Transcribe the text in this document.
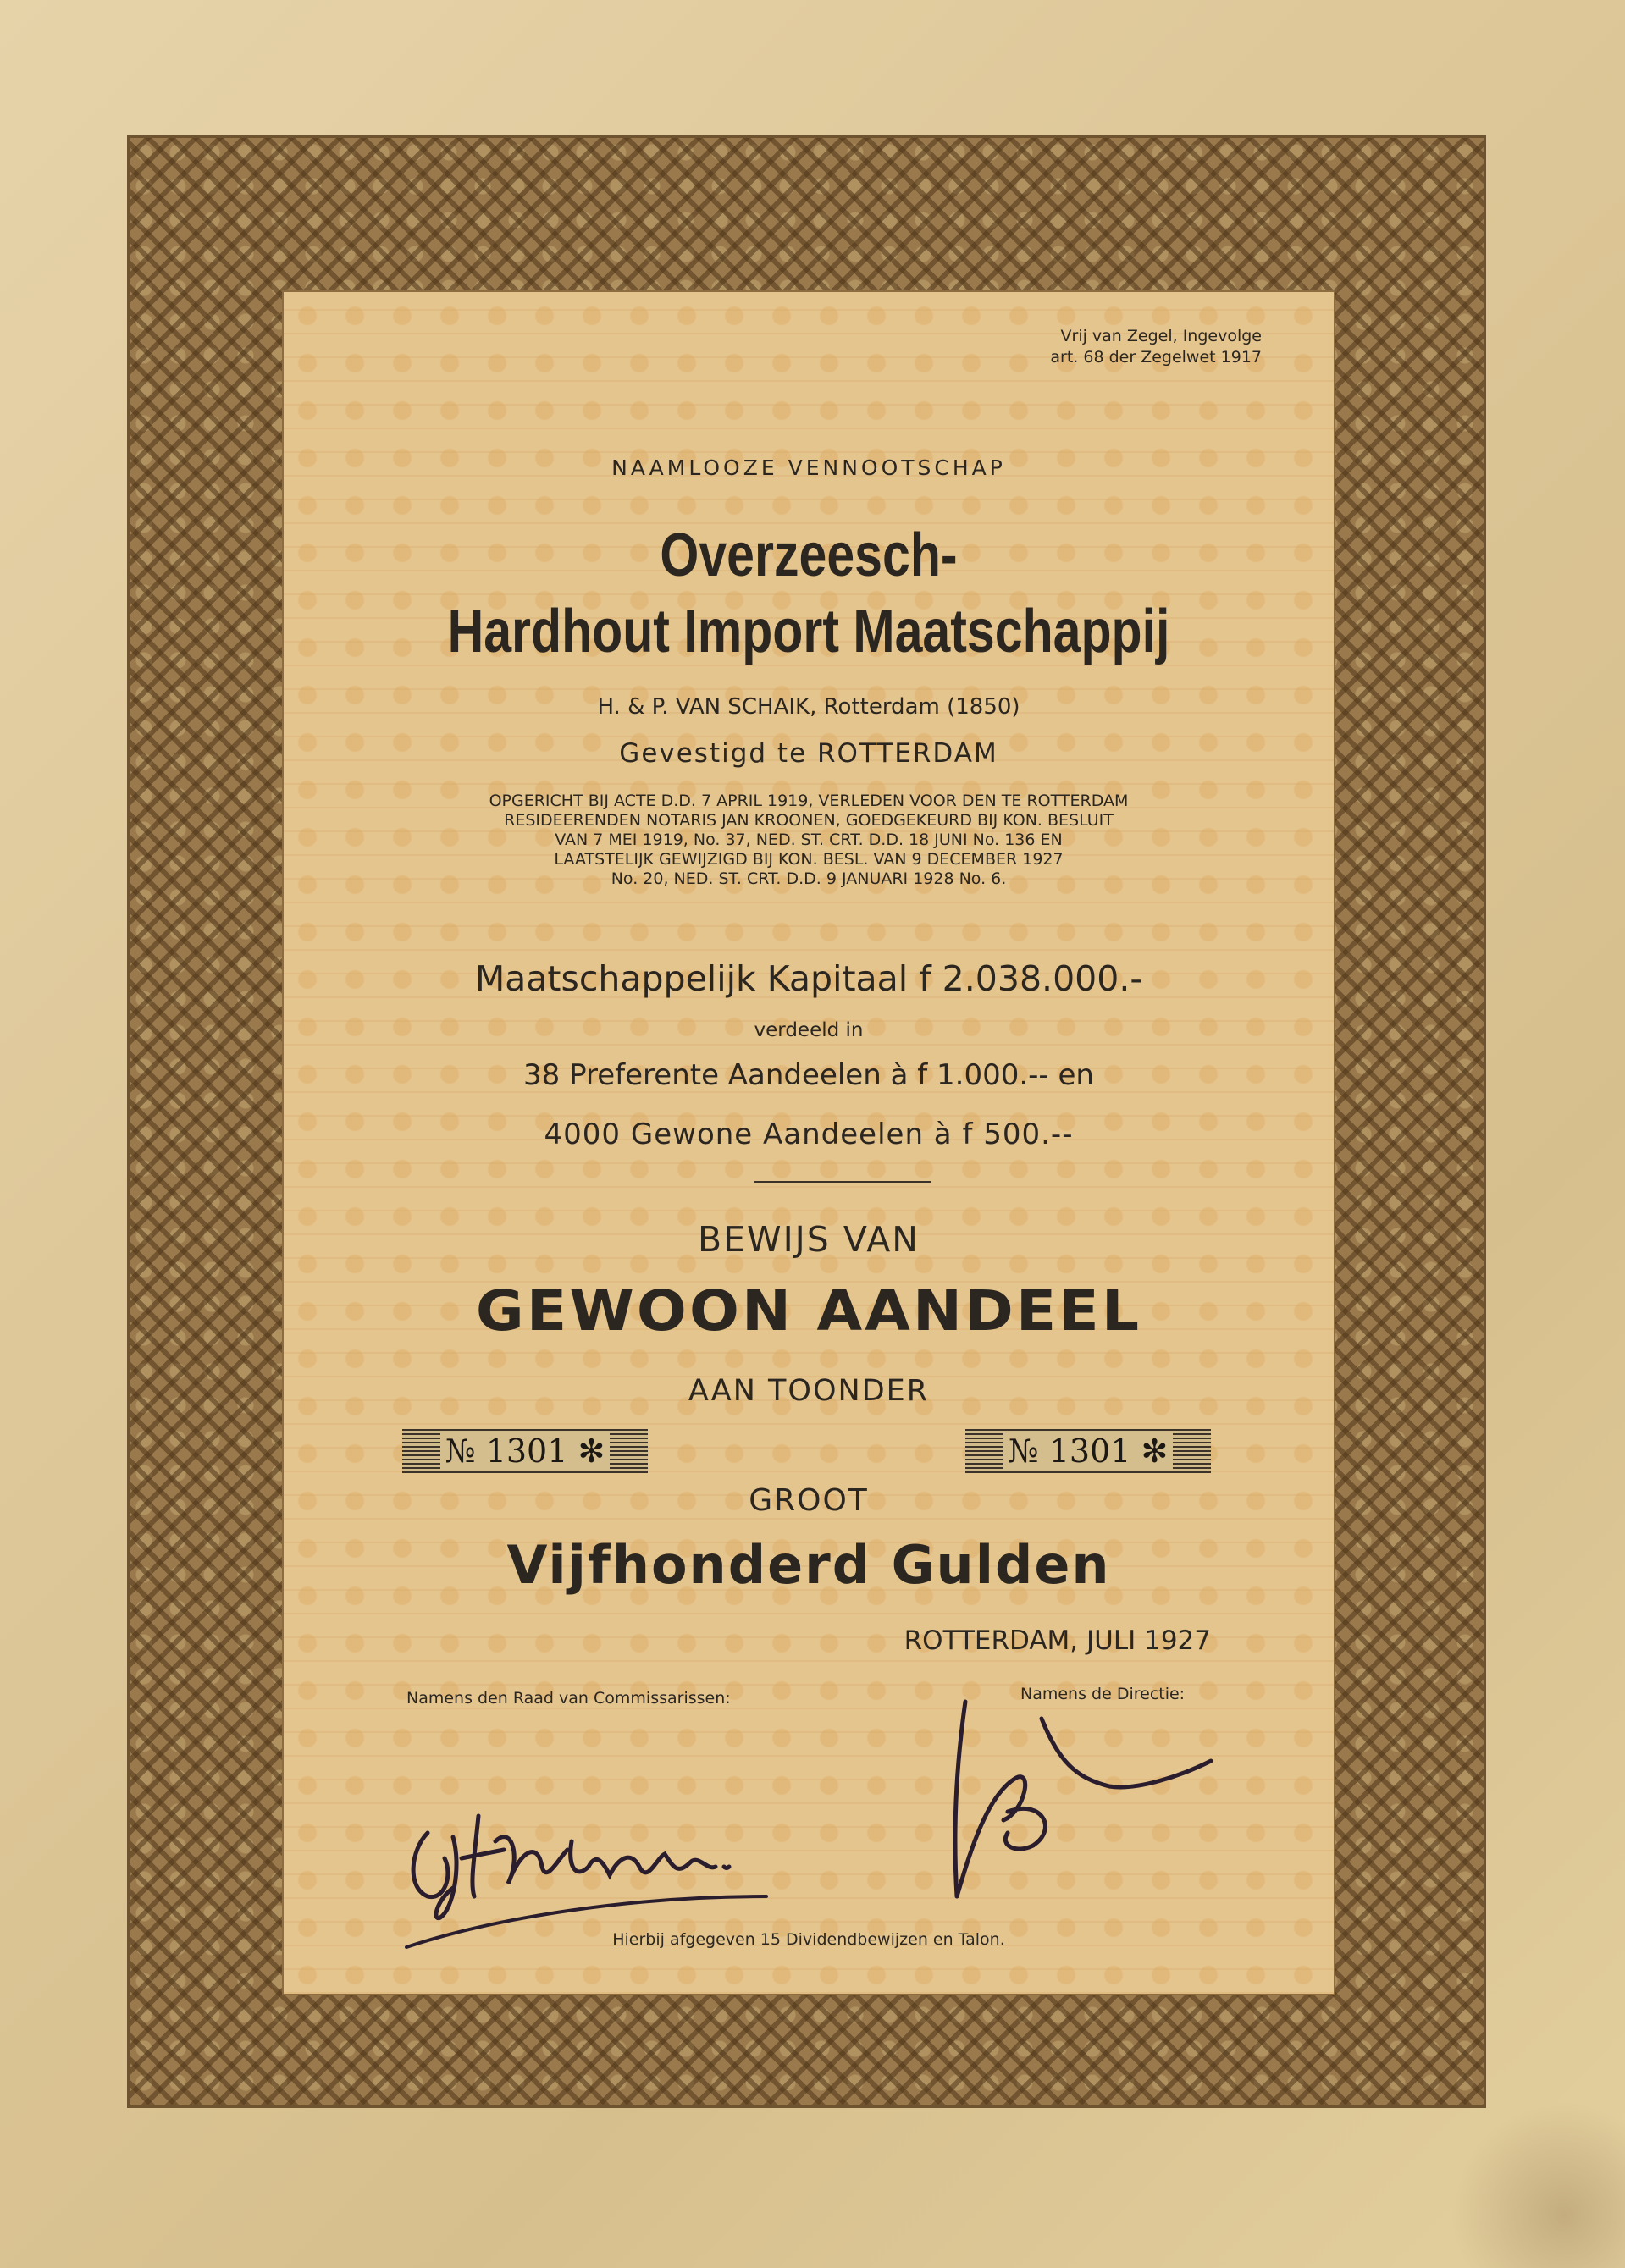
Vrij van Zegel, Ingevolge
art. 68 der Zegelwet 1917
NAAMLOOZE VENNOOTSCHAP
Overzeesch-
Hardhout Import Maatschappij
H. & P. VAN SCHAIK, Rotterdam (1850)
Gevestigd te ROTTERDAM
OPGERICHT BIJ ACTE D.D. 7 APRIL 1919, VERLEDEN VOOR DEN TE ROTTERDAM
RESIDEERENDEN NOTARIS JAN KROONEN, GOEDGEKEURD BIJ KON. BESLUIT
VAN 7 MEI 1919, No. 37, NED. ST. CRT. D.D. 18 JUNI No. 136 EN
LAATSTELIJK GEWIJZIGD BIJ KON. BESL. VAN 9 DECEMBER 1927
No. 20, NED. ST. CRT. D.D. 9 JANUARI 1928 No. 6.
Maatschappelijk Kapitaal f 2.038.000.-
verdeeld in
38 Preferente Aandeelen à f 1.000.-- en
4000 Gewone Aandeelen à f 500.--
BEWIJS VAN
GEWOON AANDEEL
AAN TOONDER
№ 1301 ✻	№ 1301 ✻
GROOT
Vijfhonderd Gulden
ROTTERDAM, JULI 1927
Namens den Raad van Commissarissen:	Namens de Directie:
Hierbij afgegeven 15 Dividendbewijzen en Talon.
